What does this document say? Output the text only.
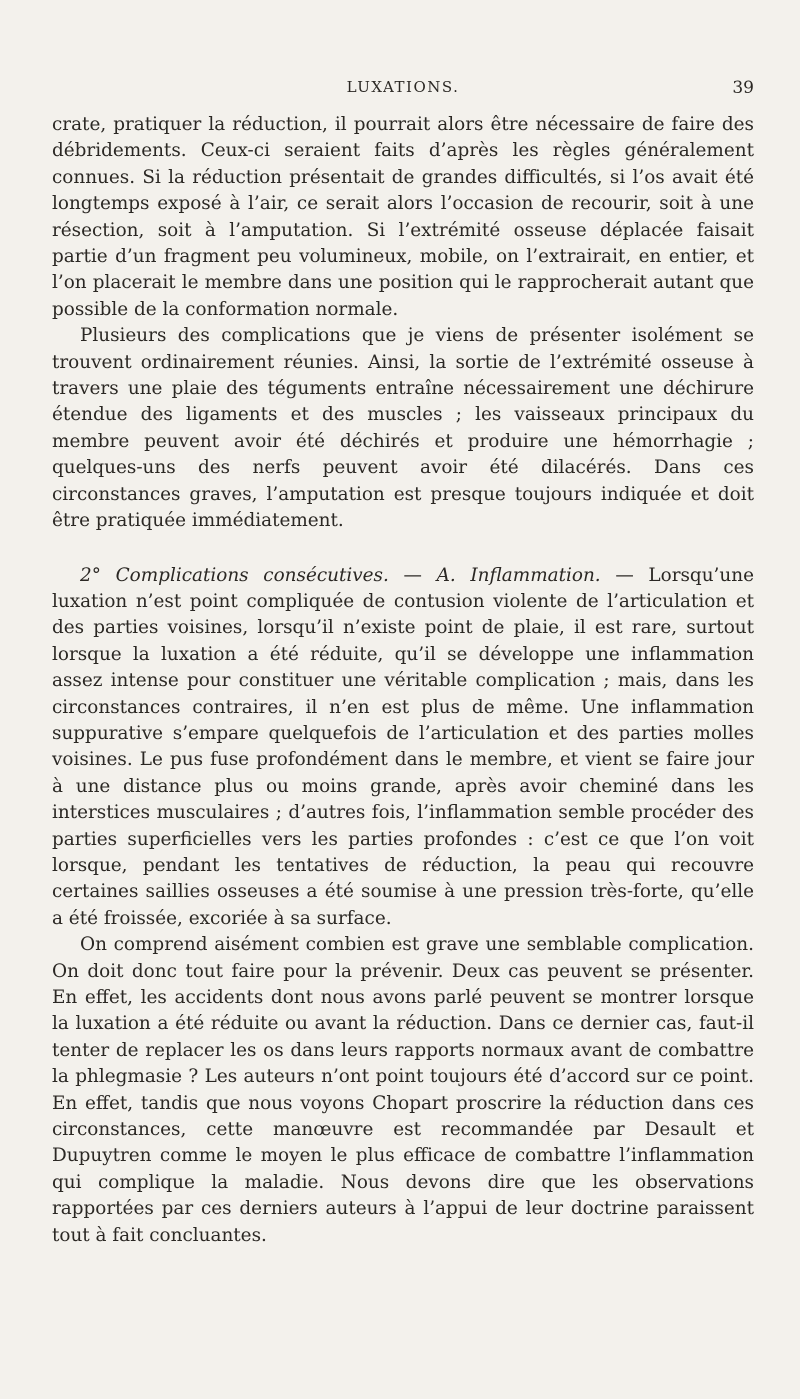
LUXATIONS.	39

crate, pratiquer la réduction, il pourrait alors être nécessaire de faire des débridements. Ceux-ci seraient faits d’après les règles généralement connues. Si la réduction présentait de grandes difficultés, si l’os avait été longtemps exposé à l’air, ce serait alors l’occasion de recourir, soit à une résection, soit à l’amputation. Si l’extrémité osseuse déplacée faisait partie d’un fragment peu volumineux, mobile, on l’extrairait, en entier, et l’on placerait le membre dans une position qui le rapprocherait autant que possible de la conformation normale.

Plusieurs des complications que je viens de présenter isolément se trouvent ordinairement réunies. Ainsi, la sortie de l’extrémité osseuse à travers une plaie des téguments entraîne nécessairement une déchirure étendue des ligaments et des muscles ; les vaisseaux principaux du membre peuvent avoir été déchirés et produire une hémorrhagie ; quelques-uns des nerfs peuvent avoir été dilacérés. Dans ces circonstances graves, l’amputation est presque toujours indiquée et doit être pratiquée immédiatement.

2° Complications consécutives. — A. Inflammation. — Lorsqu’une luxation n’est point compliquée de contusion violente de l’articulation et des parties voisines, lorsqu’il n’existe point de plaie, il est rare, surtout lorsque la luxation a été réduite, qu’il se développe une inflammation assez intense pour constituer une véritable complication ; mais, dans les circonstances contraires, il n’en est plus de même. Une inflammation suppurative s’empare quelquefois de l’articulation et des parties molles voisines. Le pus fuse profondément dans le membre, et vient se faire jour à une distance plus ou moins grande, après avoir cheminé dans les interstices musculaires ; d’autres fois, l’inflammation semble procéder des parties superficielles vers les parties profondes : c’est ce que l’on voit lorsque, pendant les tentatives de réduction, la peau qui recouvre certaines saillies osseuses a été soumise à une pression très-forte, qu’elle a été froissée, excoriée à sa surface.

On comprend aisément combien est grave une semblable complication. On doit donc tout faire pour la prévenir. Deux cas peuvent se présenter. En effet, les accidents dont nous avons parlé peuvent se montrer lorsque la luxation a été réduite ou avant la réduction. Dans ce dernier cas, faut-il tenter de replacer les os dans leurs rapports normaux avant de combattre la phlegmasie ? Les auteurs n’ont point toujours été d’accord sur ce point. En effet, tandis que nous voyons Chopart proscrire la réduction dans ces circonstances, cette manœuvre est recommandée par Desault et Dupuytren comme le moyen le plus efficace de combattre l’inflammation qui complique la maladie. Nous devons dire que les observations rapportées par ces derniers auteurs à l’appui de leur doctrine paraissent tout à fait concluantes.
